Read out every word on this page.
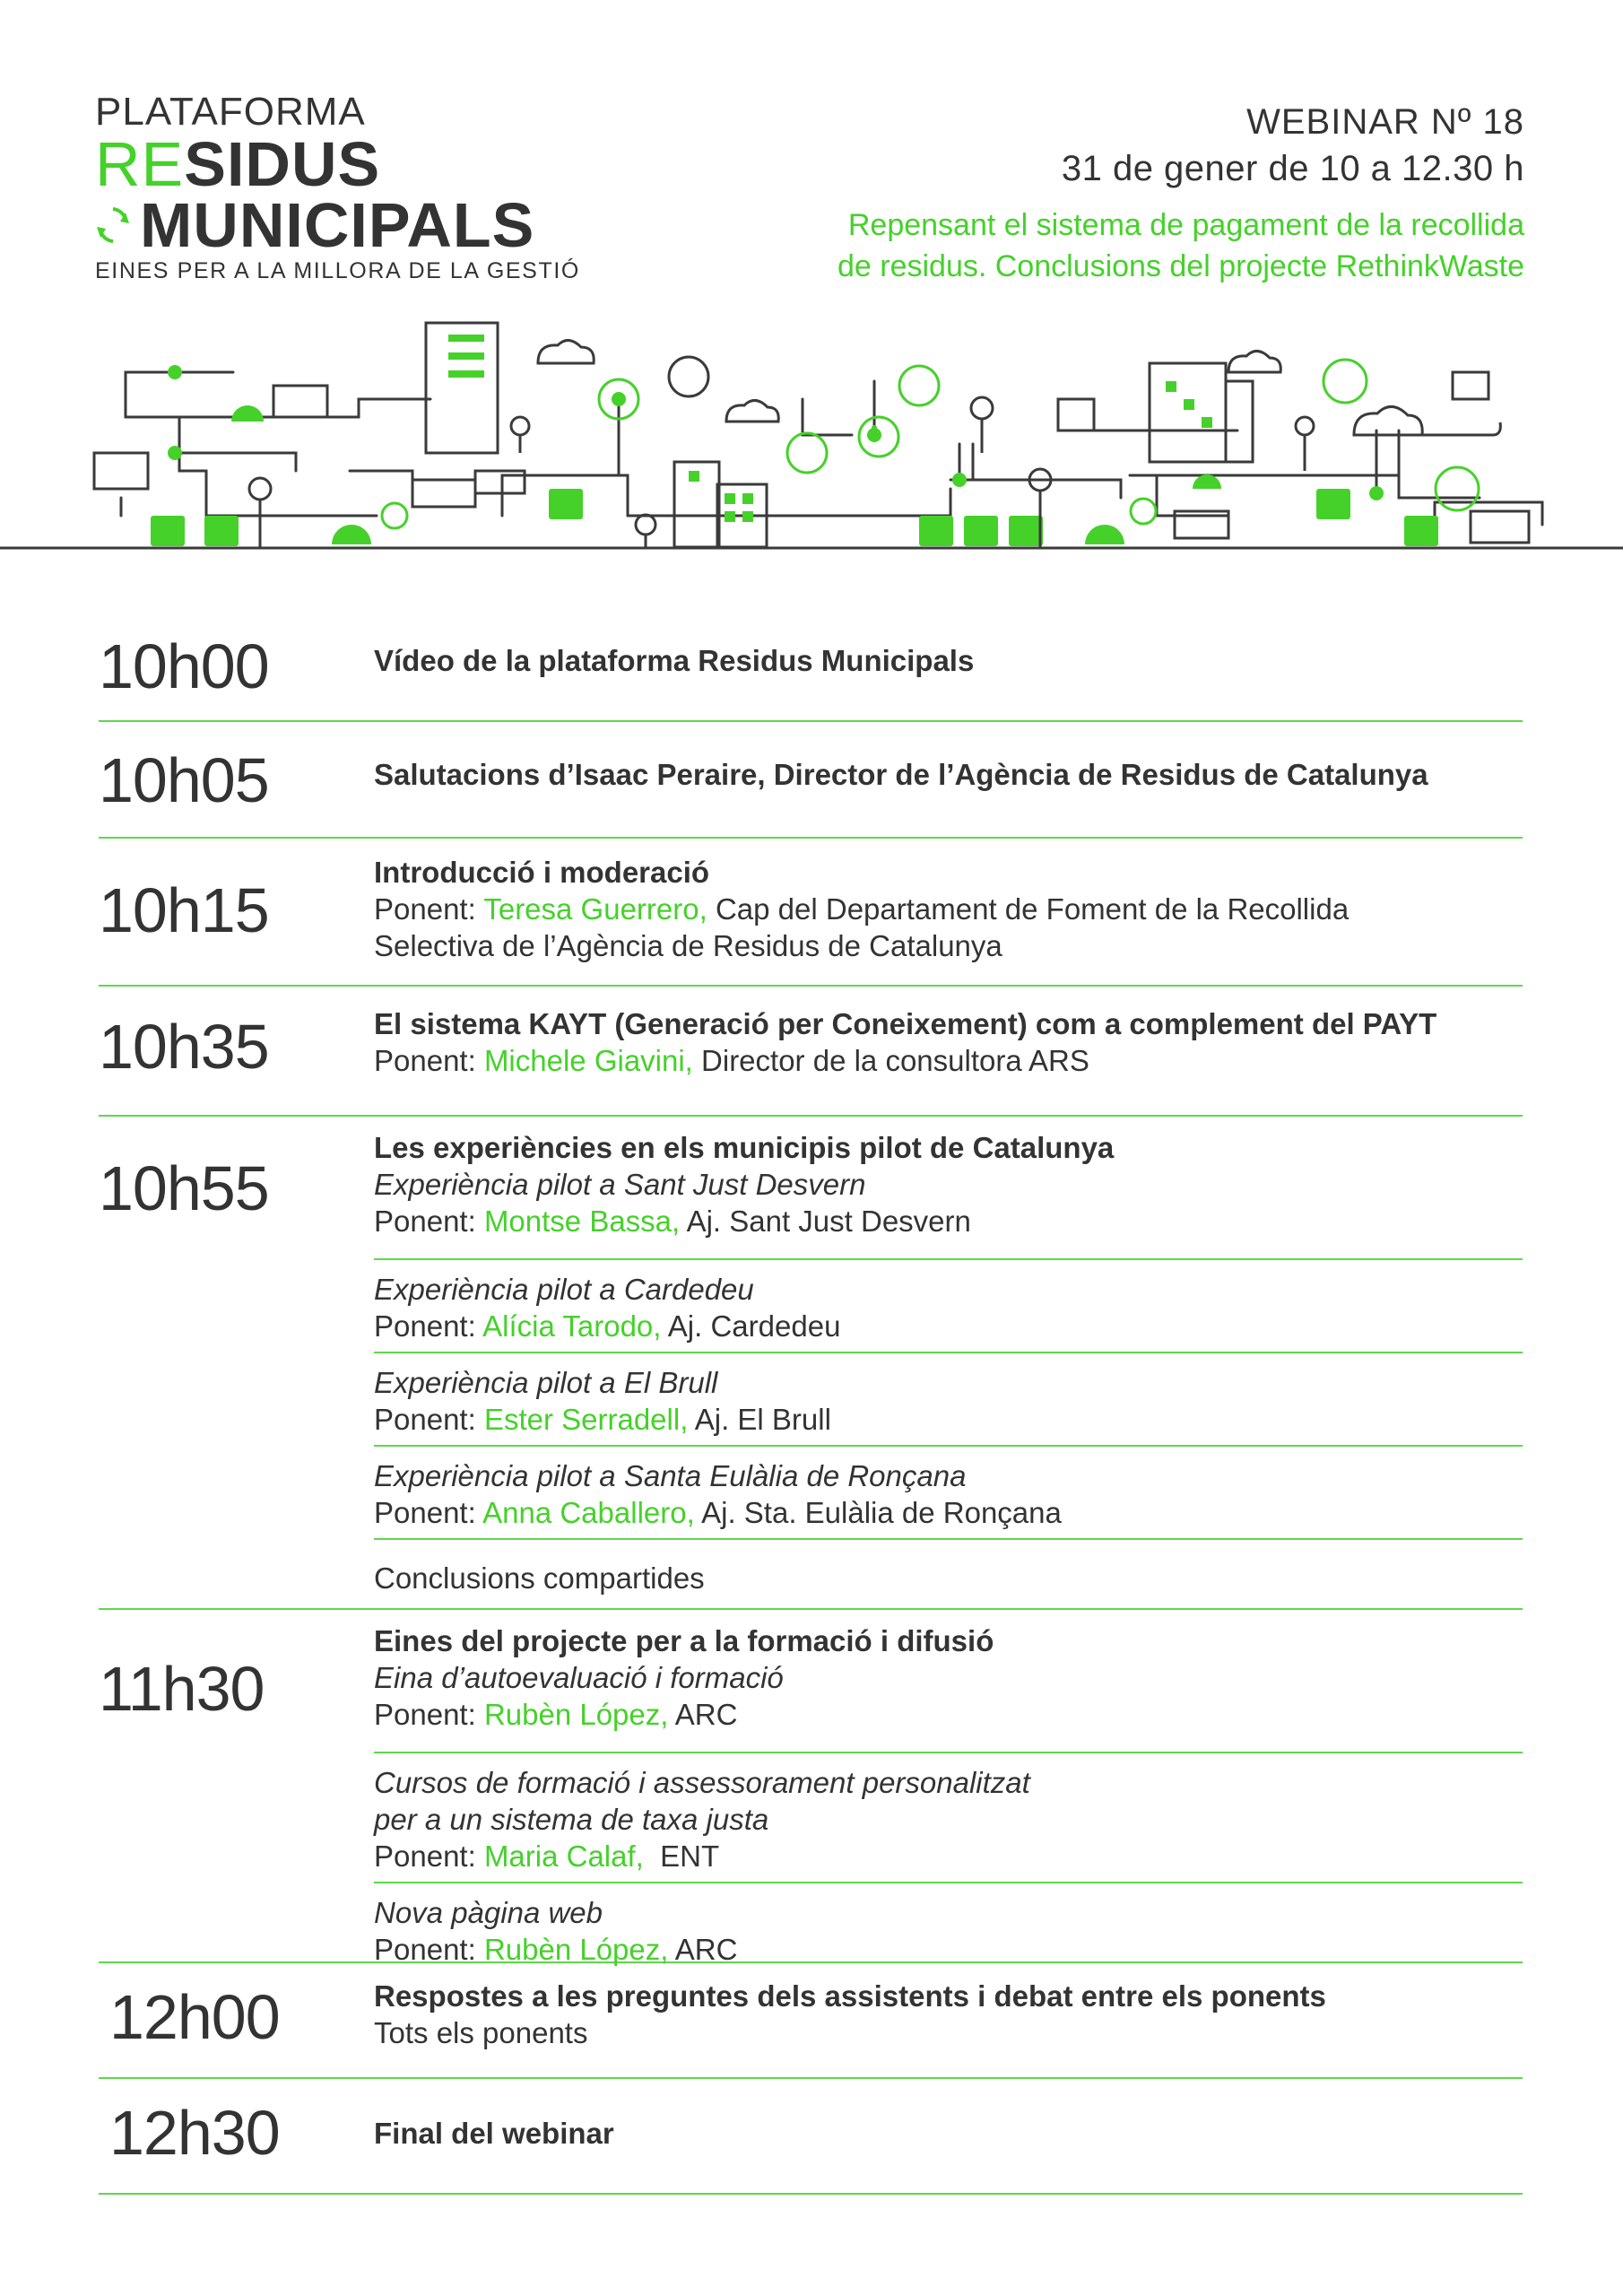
PLATAFORMA
RESIDUS
MUNICIPALS
EINES PER A LA MILLORA DE LA GESTIÓ
WEBINAR Nº 18
31 de gener de 10 a 12.30 h
Repensant el sistema de pagament de la recollida
de residus. Conclusions del projecte RethinkWaste
10h00	Vídeo de la plataforma Residus Municipals
10h05	Salutacions d’Isaac Peraire, Director de l’Agència de Residus de Catalunya
10h15
Introducció i moderació
Ponent: Teresa Guerrero, Cap del Departament de Foment de la Recollida
Selectiva de l’Agència de Residus de Catalunya
10h35	El sistema KAYT (Generació per Coneixement) com a complement del PAYT
Ponent: Michele Giavini, Director de la consultora ARS
10h55
Les experiències en els municipis pilot de Catalunya
Experiència pilot a Sant Just Desvern
Ponent: Montse Bassa, Aj. Sant Just Desvern
Experiència pilot a Cardedeu
Ponent: Alícia Tarodo, Aj. Cardedeu
Experiència pilot a El Brull
Ponent: Ester Serradell, Aj. El Brull
Experiència pilot a Santa Eulàlia de Ronçana
Ponent: Anna Caballero, Aj. Sta. Eulàlia de Ronçana
Conclusions compartides
11h30
Eines del projecte per a la formació i difusió
Eina d’autoevaluació i formació
Ponent: Rubèn López, ARC
Cursos de formació i assessorament personalitzat
per a un sistema de taxa justa
Ponent: Maria Calaf,  ENT
Nova pàgina web
Ponent: Rubèn López, ARC
12h00	Respostes a les preguntes dels assistents i debat entre els ponents
Tots els ponents
12h30	Final del webinar
